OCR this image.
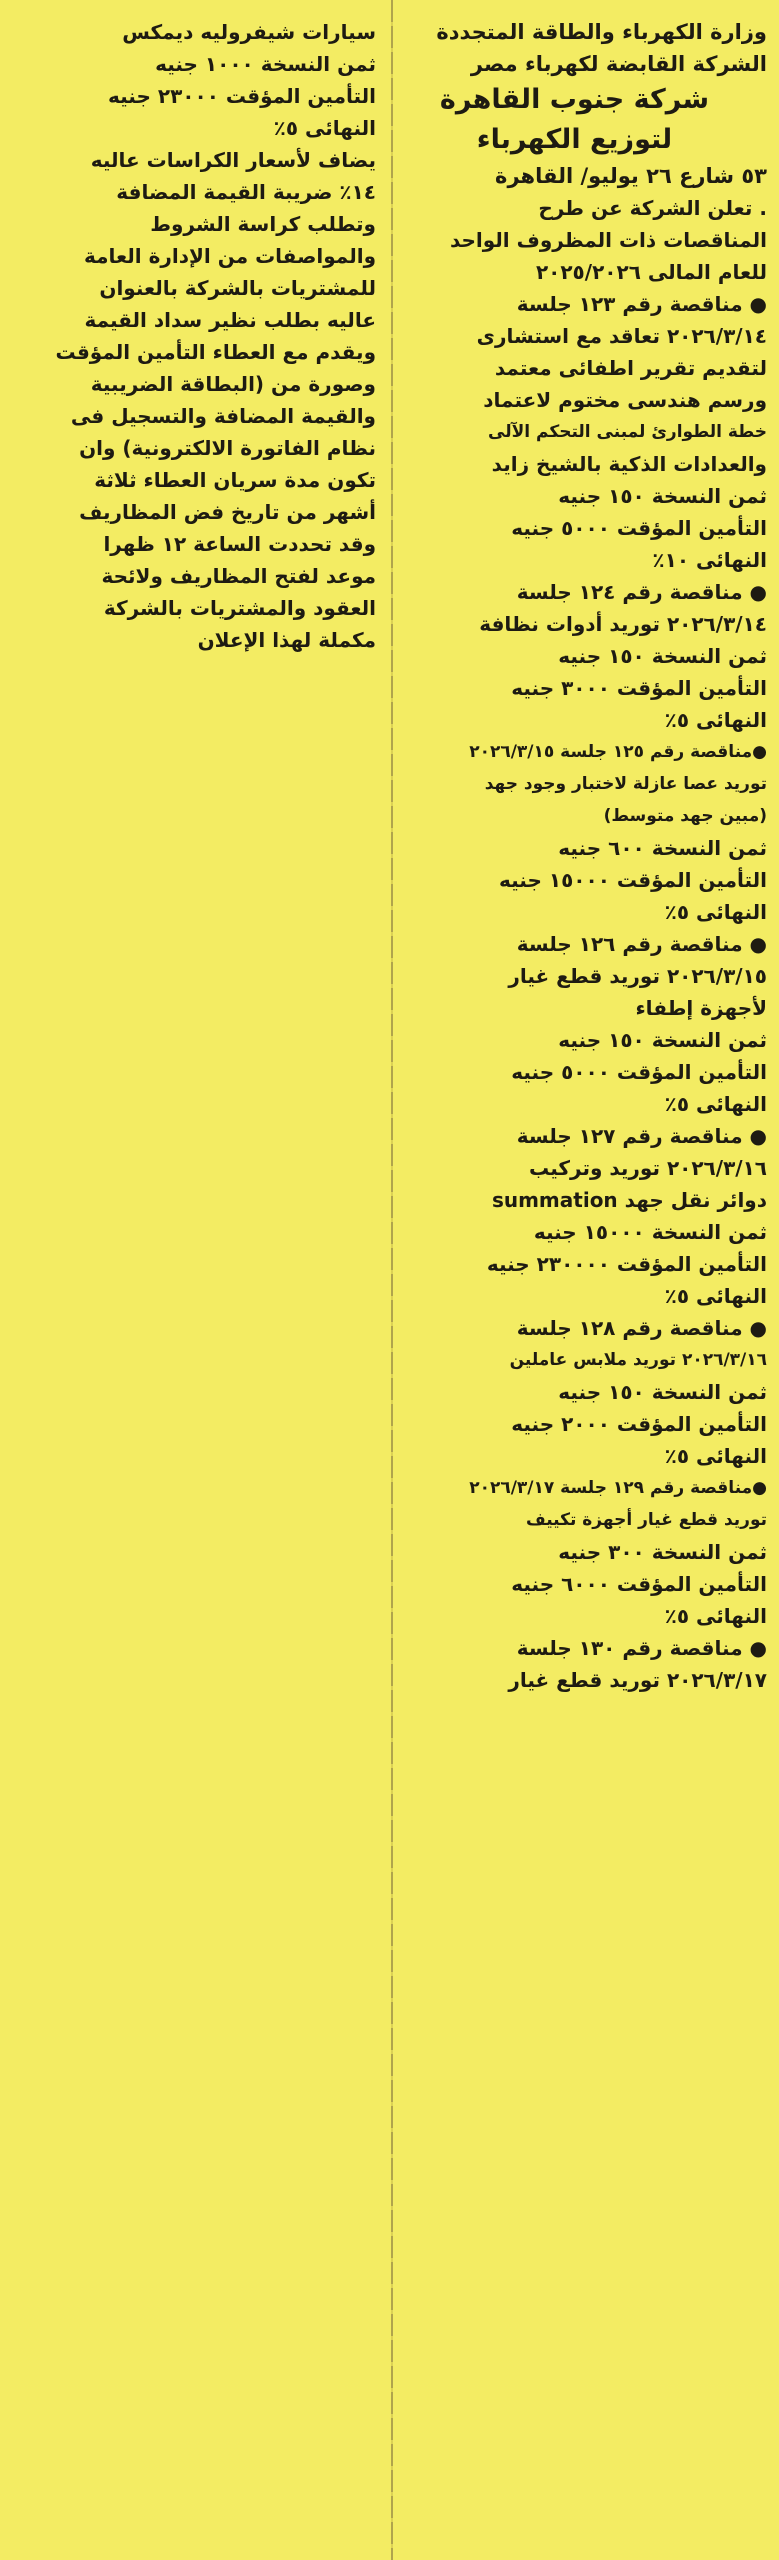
وزارة الكهرباء والطاقة المتجددة

الشركة القابضة لكهرباء مصر

شركة جنوب القاهرة

لتوزيع الكهرباء

٥٣ شارع ٢٦ يوليو/ القاهرة

. تعلن الشركة عن طرح

المناقصات ذات المظروف الواحد

للعام المالى ٢٠٢٥/٢٠٢٦

● مناقصة رقم ١٢٣ جلسة

٢٠٢٦/٣/١٤ تعاقد مع استشارى

لتقديم تقرير اطفائى معتمد

ورسم هندسى مختوم لاعتماد

خطة الطوارئ لمبنى التحكم الآلى

والعدادات الذكية بالشيخ زايد

ثمن النسخة ١٥٠ جنيه

التأمين المؤقت ٥٠٠٠ جنيه

النهائى ١٠٪

● مناقصة رقم ١٢٤ جلسة

٢٠٢٦/٣/١٤ توريد أدوات نظافة

ثمن النسخة ١٥٠ جنيه

التأمين المؤقت ٣٠٠٠ جنيه

النهائى ٥٪

●مناقصة رقم ١٢٥ جلسة ٢٠٢٦/٣/١٥

توريد عصا عازلة لاختبار وجود جهد

(مبين جهد متوسط)

ثمن النسخة ٦٠٠ جنيه

التأمين المؤقت ١٥٠٠٠ جنيه

النهائى ٥٪

● مناقصة رقم ١٢٦ جلسة

٢٠٢٦/٣/١٥ توريد قطع غيار

لأجهزة إطفاء

ثمن النسخة ١٥٠ جنيه

التأمين المؤقت ٥٠٠٠ جنيه

النهائى ٥٪

● مناقصة رقم ١٢٧ جلسة

٢٠٢٦/٣/١٦ توريد وتركيب

دوائر نقل جهد summation

ثمن النسخة ١٥٠٠٠ جنيه

التأمين المؤقت ٢٣٠٠٠٠ جنيه

النهائى ٥٪

● مناقصة رقم ١٢٨ جلسة

٢٠٢٦/٣/١٦ توريد ملابس عاملين

ثمن النسخة ١٥٠ جنيه

التأمين المؤقت ٢٠٠٠ جنيه

النهائى ٥٪

●مناقصة رقم ١٢٩ جلسة ٢٠٢٦/٣/١٧

توريد قطع غيار أجهزة تكييف

ثمن النسخة ٣٠٠ جنيه

التأمين المؤقت ٦٠٠٠ جنيه

النهائى ٥٪

● مناقصة رقم ١٣٠ جلسة

٢٠٢٦/٣/١٧ توريد قطع غيار

سيارات شيفروليه ديمكس

ثمن النسخة ١٠٠٠ جنيه

التأمين المؤقت ٢٣٠٠٠ جنيه

النهائى ٥٪

يضاف لأسعار الكراسات عاليه

١٤٪ ضريبة القيمة المضافة

وتطلب كراسة الشروط

والمواصفات من الإدارة العامة

للمشتريات بالشركة بالعنوان

عاليه بطلب نظير سداد القيمة

ويقدم مع العطاء التأمين المؤقت

وصورة من (البطاقة الضريبية

والقيمة المضافة والتسجيل فى

نظام الفاتورة الالكترونية) وان

تكون مدة سريان العطاء ثلاثة

أشهر من تاريخ فض المظاريف

وقد تحددت الساعة ١٢ ظهرا

موعد لفتح المظاريف ولائحة

العقود والمشتريات بالشركة

مكملة لهذا الإعلان
